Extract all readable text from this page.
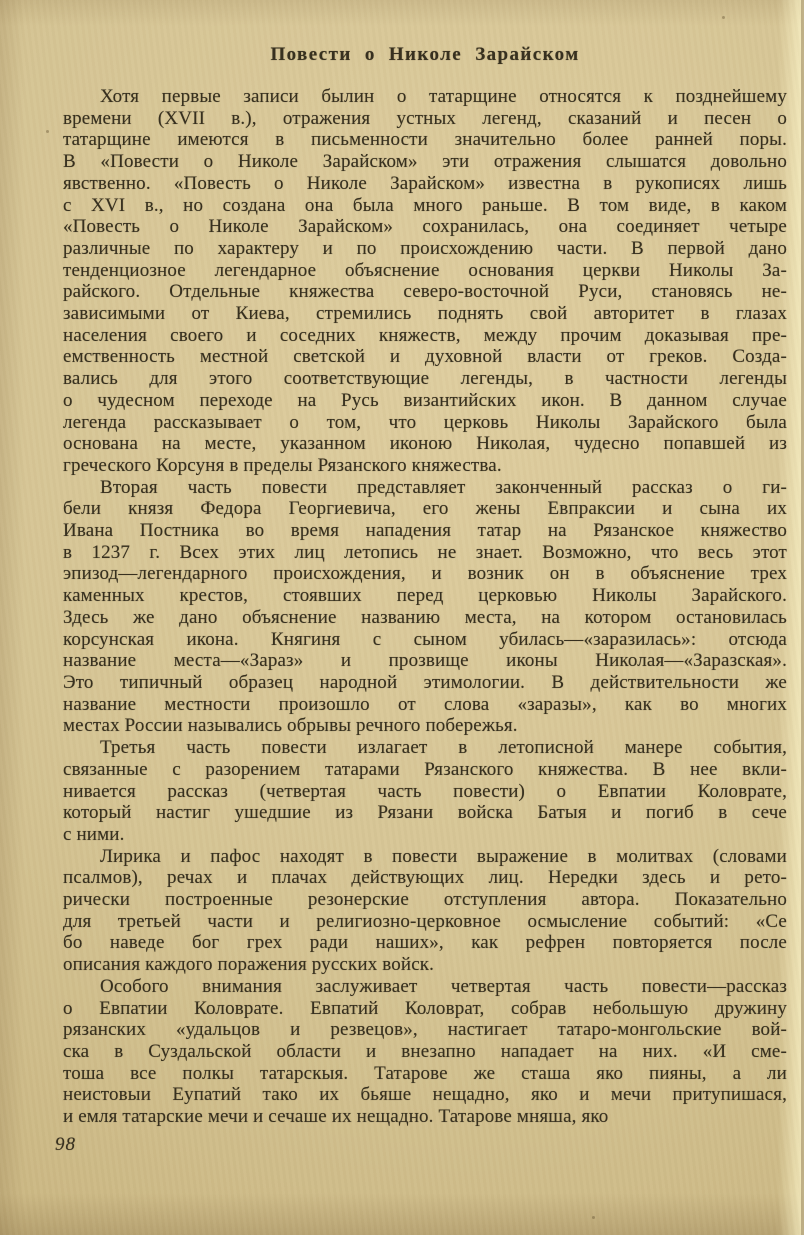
Повести о Николе Зарайском

Хотя первые записи былин о татарщине относятся к позднейшему
времени (XVII в.), отражения устных легенд, сказаний и песен о
татарщине имеются в письменности значительно более ранней поры.
В «Повести о Николе Зарайском» эти отражения слышатся довольно
явственно. «Повесть о Николе Зарайском» известна в рукописях лишь
с XVI в., но создана она была много раньше. В том виде, в каком
«Повесть о Николе Зарайском» сохранилась, она соединяет четыре
различные по характеру и по происхождению части. В первой дано
тенденциозное легендарное объяснение основания церкви Николы За-
райского. Отдельные княжества северо-восточной Руси, становясь не-
зависимыми от Киева, стремились поднять свой авторитет в глазах
населения своего и соседних княжеств, между прочим доказывая пре-
емственность местной светской и духовной власти от греков. Созда-
вались для этого соответствующие легенды, в частности легенды
о чудесном переходе на Русь византийских икон. В данном случае
легенда рассказывает о том, что церковь Николы Зарайского была
основана на месте, указанном иконою Николая, чудесно попавшей из
греческого Корсуня в пределы Рязанского княжества.

Вторая часть повести представляет законченный рассказ о ги-
бели князя Федора Георгиевича, его жены Евпраксии и сына их
Ивана Постника во время нападения татар на Рязанское княжество
в 1237 г. Всех этих лиц летопись не знает. Возможно, что весь этот
эпизод—легендарного происхождения, и возник он в объяснение трех
каменных крестов, стоявших перед церковью Николы Зарайского.
Здесь же дано объяснение названию места, на котором остановилась
корсунская икона. Княгиня с сыном убилась—«заразилась»: отсюда
название места—«Зараз» и прозвище иконы Николая—«Заразская».
Это типичный образец народной этимологии. В действительности же
название местности произошло от слова «заразы», как во многих
местах России назывались обрывы речного побережья.

Третья часть повести излагает в летописной манере события,
связанные с разорением татарами Рязанского княжества. В нее вкли-
нивается рассказ (четвертая часть повести) о Евпатии Коловрате,
который настиг ушедшие из Рязани войска Батыя и погиб в сече
с ними.

Лирика и пафос находят в повести выражение в молитвах (словами
псалмов), речах и плачах действующих лиц. Нередки здесь и рето-
рически построенные резонерские отступления автора. Показательно
для третьей части и религиозно-церковное осмысление событий: «Се
бо наведе бог грех ради наших», как рефрен повторяется после
описания каждого поражения русских войск.

Особого внимания заслуживает четвертая часть повести—рассказ
о Евпатии Коловрате. Евпатий Коловрат, собрав небольшую дружину
рязанских «удальцов и резвецов», настигает татаро-монгольские вой-
ска в Суздальской области и внезапно нападает на них. «И сме-
тоша все полкы татарскыя. Татарове же сташа яко пияны, а ли
неистовыи Еупатий тако их бьяше нещадно, яко и мечи притупишася,
и емля татарские мечи и сечаше их нещадно. Татарове мняша, яко

98
